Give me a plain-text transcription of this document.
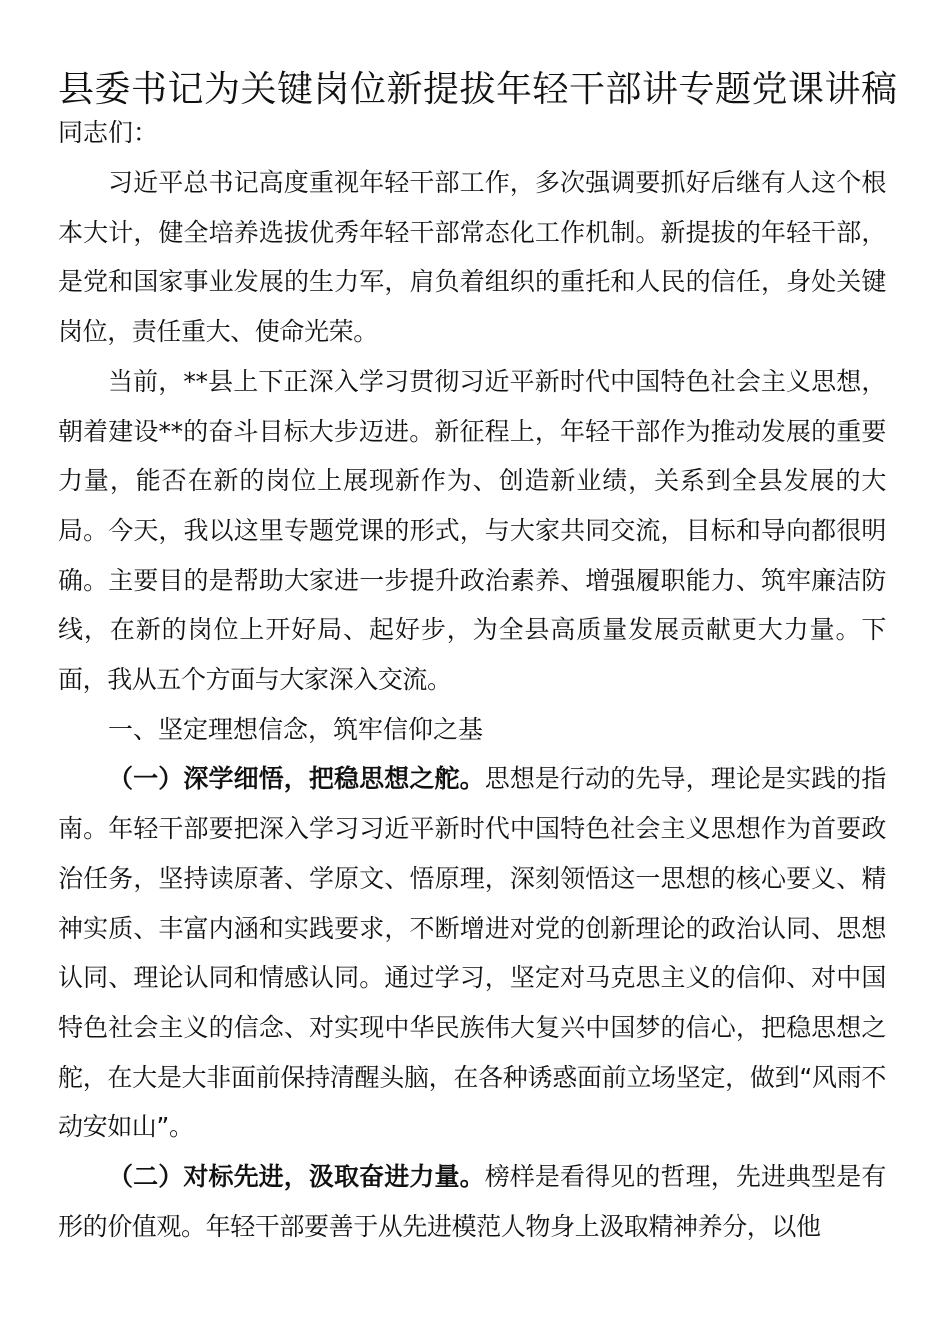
县委书记为关键岗位新提拔年轻干部讲专题党课讲稿

同志们：

习近平总书记高度重视年轻干部工作，多次强调要抓好后继有人这个根本大计，健全培养选拔优秀年轻干部常态化工作机制。新提拔的年轻干部，是党和国家事业发展的生力军，肩负着组织的重托和人民的信任，身处关键岗位，责任重大、使命光荣。

当前，**县上下正深入学习贯彻习近平新时代中国特色社会主义思想，朝着建设**的奋斗目标大步迈进。新征程上，年轻干部作为推动发展的重要力量，能否在新的岗位上展现新作为、创造新业绩，关系到全县发展的大局。今天，我以这里专题党课的形式，与大家共同交流，目标和导向都很明确。主要目的是帮助大家进一步提升政治素养、增强履职能力、筑牢廉洁防线，在新的岗位上开好局、起好步，为全县高质量发展贡献更大力量。下面，我从五个方面与大家深入交流。

一、坚定理想信念，筑牢信仰之基

（一）深学细悟，把稳思想之舵。思想是行动的先导，理论是实践的指南。年轻干部要把深入学习习近平新时代中国特色社会主义思想作为首要政治任务，坚持读原著、学原文、悟原理，深刻领悟这一思想的核心要义、精神实质、丰富内涵和实践要求，不断增进对党的创新理论的政治认同、思想认同、理论认同和情感认同。通过学习，坚定对马克思主义的信仰、对中国特色社会主义的信念、对实现中华民族伟大复兴中国梦的信心，把稳思想之舵，在大是大非面前保持清醒头脑，在各种诱惑面前立场坚定，做到“风雨不动安如山”。

（二）对标先进，汲取奋进力量。榜样是看得见的哲理，先进典型是有形的价值观。年轻干部要善于从先进模范人物身上汲取精神养分，以他
